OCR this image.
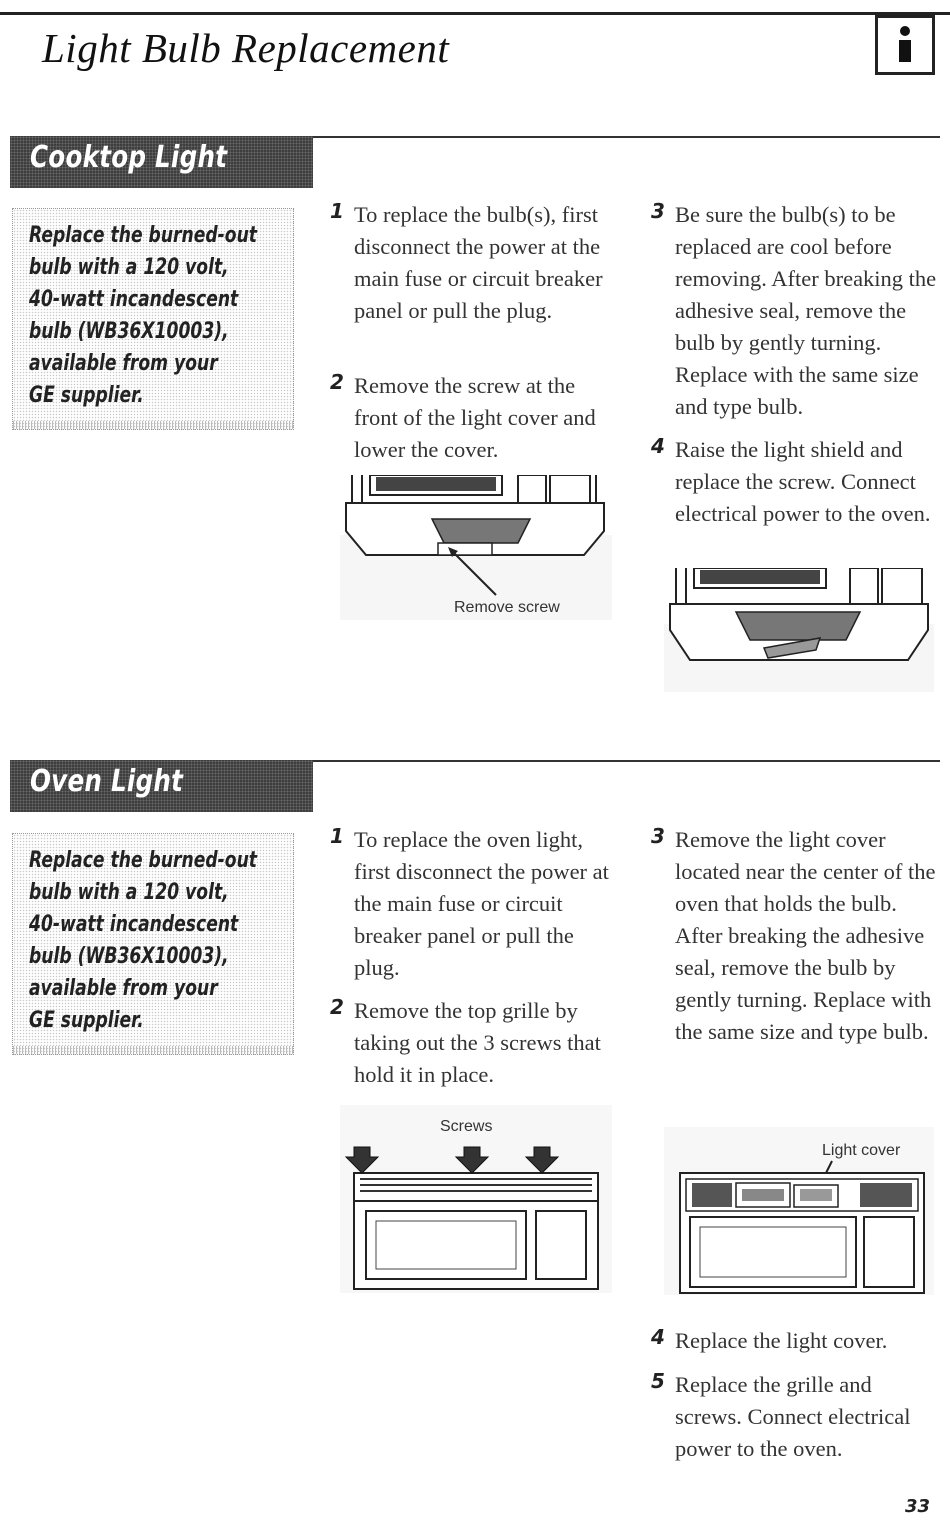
Light Bulb Replacement
Cooktop Light
Replace the burned-out
bulb with a 120 volt,
40-watt incandescent
bulb (WB36X10003),
available from your
GE supplier.
1 To replace the bulb(s), first disconnect the power at the main fuse or circuit breaker panel or pull the plug.
2 Remove the screw at the front of the light cover and lower the cover.
3 Be sure the bulb(s) to be replaced are cool before removing. After breaking the adhesive seal, remove the bulb by gently turning. Replace with the same size and type bulb.
4 Raise the light shield and replace the screw. Connect electrical power to the oven.
Remove screw
Oven Light
Replace the burned-out
bulb with a 120 volt,
40-watt incandescent
bulb (WB36X10003),
available from your
GE supplier.
1 To replace the oven light, first disconnect the power at the main fuse or circuit breaker panel or pull the plug.
2 Remove the top grille by taking out the 3 screws that hold it in place.
3 Remove the light cover located near the center of the oven that holds the bulb. After breaking the adhesive seal, remove the bulb by gently turning. Replace with the same size and type bulb.
4 Replace the light cover.
5 Replace the grille and screws. Connect electrical power to the oven.
Screws
Light cover
33
